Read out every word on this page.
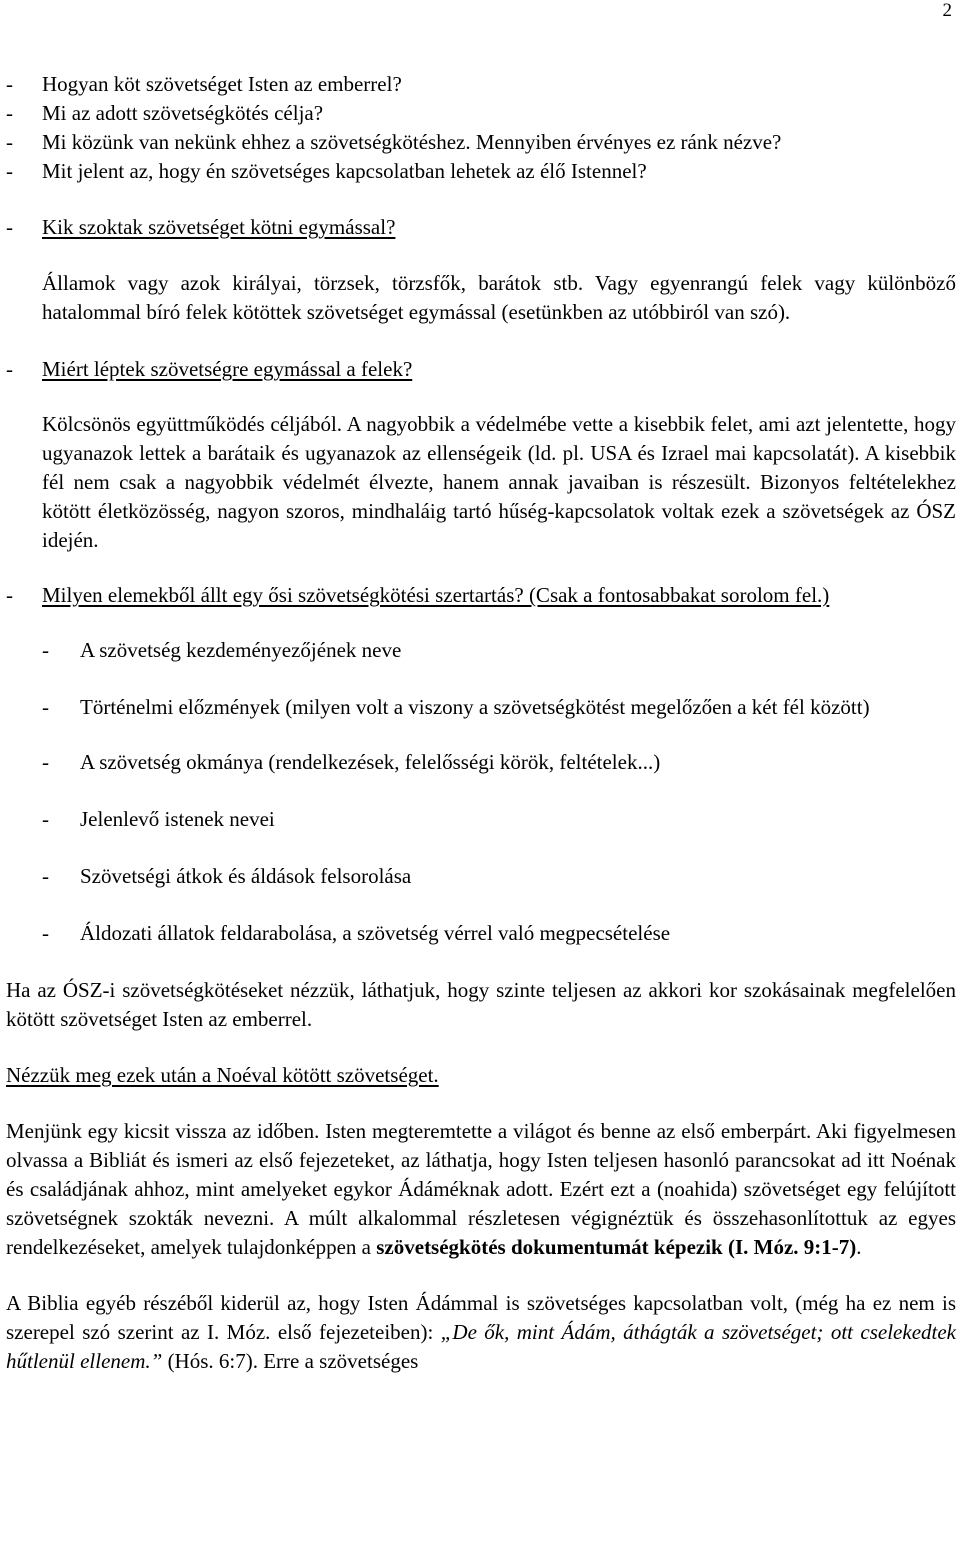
2
-	Hogyan köt szövetséget Isten az emberrel?
-	Mi az adott szövetségkötés célja?
-	Mi közünk van nekünk ehhez a szövetségkötéshez. Mennyiben érvényes ez ránk nézve?
-	Mit jelent az, hogy én szövetséges kapcsolatban lehetek az élő Istennel?
-	Kik szoktak szövetséget kötni egymással?
Államok vagy azok királyai, törzsek, törzsfők, barátok stb. Vagy egyenrangú felek vagy különböző hatalommal bíró felek kötöttek szövetséget egymással (esetünkben az utóbbiról van szó).
-	Miért léptek szövetségre egymással a felek?
Kölcsönös együttműködés céljából. A nagyobbik a védelmébe vette a kisebbik felet, ami azt jelentette, hogy ugyanazok lettek a barátaik és ugyanazok az ellenségeik (ld. pl. USA és Izrael mai kapcsolatát). A kisebbik fél nem csak a nagyobbik védelmét élvezte, hanem annak javaiban is részesült. Bizonyos feltételekhez kötött életközösség, nagyon szoros, mindhaláig tartó hűség-kapcsolatok voltak ezek a szövetségek az ÓSZ idején.
-	Milyen elemekből állt egy ősi szövetségkötési szertartás? (Csak a fontosabbakat sorolom fel.)
-	A szövetség kezdeményezőjének neve
-	Történelmi előzmények (milyen volt a viszony a szövetségkötést megelőzően a két fél között)
-	A szövetség okmánya (rendelkezések, felelősségi körök, feltételek...)
-	Jelenlevő istenek nevei
-	Szövetségi átkok és áldások felsorolása
-	Áldozati állatok feldarabolása, a szövetség vérrel való megpecsételése
Ha az ÓSZ-i szövetségkötéseket nézzük, láthatjuk, hogy szinte teljesen az akkori kor szokásainak megfelelően kötött szövetséget Isten az emberrel.
Nézzük meg ezek után a Noéval kötött szövetséget.
Menjünk egy kicsit vissza az időben. Isten megteremtette a világot és benne az első emberpárt. Aki figyelmesen olvassa a Bibliát és ismeri az első fejezeteket, az láthatja, hogy Isten teljesen hasonló parancsokat ad itt Noénak és családjának ahhoz, mint amelyeket egykor Ádáméknak adott. Ezért ezt a (noahida) szövetséget egy felújított szövetségnek szokták nevezni. A múlt alkalommal részletesen végignéztük és összehasonlítottuk az egyes rendelkezéseket, amelyek tulajdonképpen a szövetségkötés dokumentumát képezik (I. Móz. 9:1-7).
A Biblia egyéb részéből kiderül az, hogy Isten Ádámmal is szövetséges kapcsolatban volt, (még ha ez nem is szerepel szó szerint az I. Móz. első fejezeteiben): „De ők, mint Ádám, áthágták a szövetséget; ott cselekedtek hűtlenül ellenem.” (Hós. 6:7). Erre a szövetséges
